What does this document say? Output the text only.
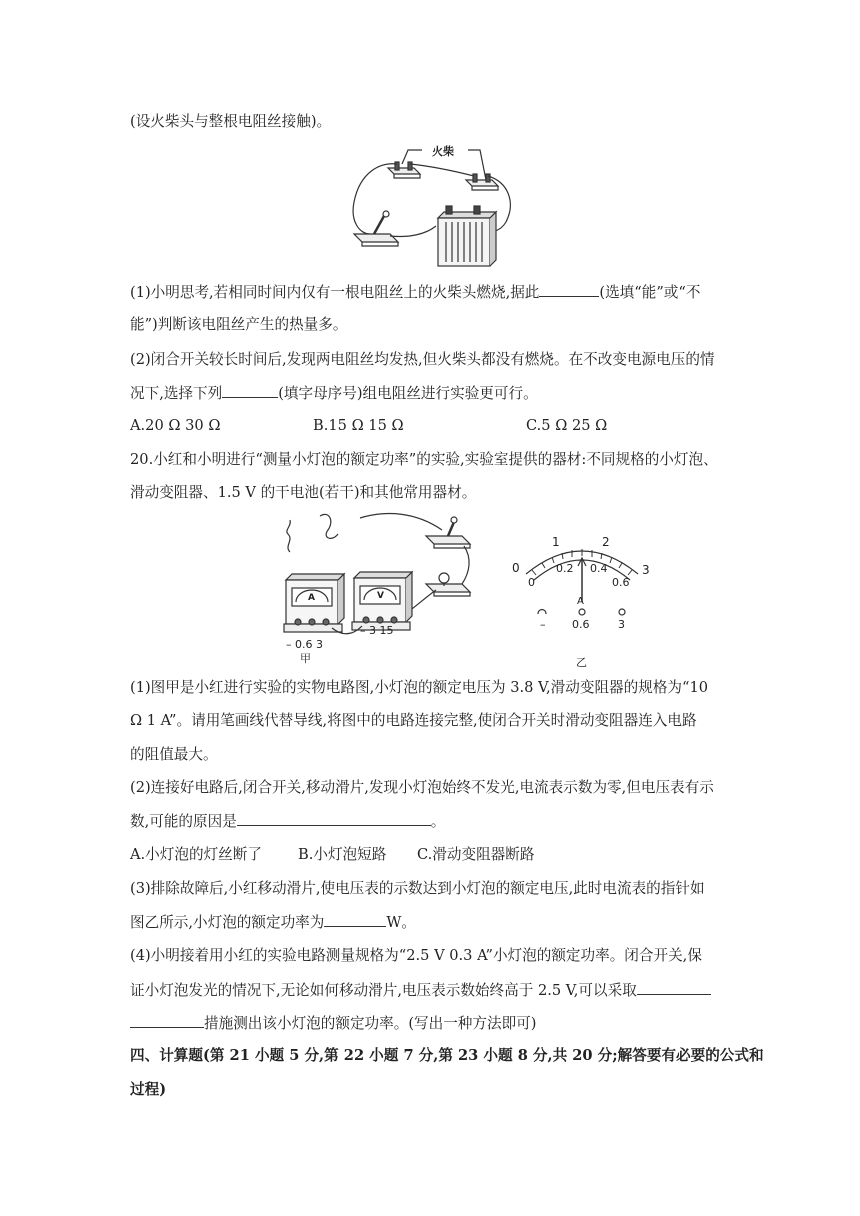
(设火柴头与整根电阻丝接触)。
火柴
(1)小明思考,若相同时间内仅有一根电阻丝上的火柴头燃烧,据此	(选填“能”或“不
能”)判断该电阻丝产生的热量多。
(2)闭合开关较长时间后,发现两电阻丝均发热,但火柴头都没有燃烧。在不改变电源电压的情
况下,选择下列	(填字母序号)组电阻丝进行实验更可行。
A.20 Ω 30 Ω	B.15 Ω 15 Ω	C.5 Ω 25 Ω
20.小红和小明进行“测量小灯泡的额定功率”的实验,实验室提供的器材:不同规格的小灯泡、
滑动变阻器、1.5 V 的干电池(若干)和其他常用器材。
A	V
– 0.6 3
– 3 15
甲
0
1	2
3
0
0.2 0.4
0.6
A
– 0.6	3
乙
(1)图甲是小红进行实验的实物电路图,小灯泡的额定电压为 3.8 V,滑动变阻器的规格为“10
Ω 1 A”。请用笔画线代替导线,将图中的电路连接完整,使闭合开关时滑动变阻器连入电路
的阻值最大。
(2)连接好电路后,闭合开关,移动滑片,发现小灯泡始终不发光,电流表示数为零,但电压表有示
数,可能的原因是	。
A.小灯泡的灯丝断了 B.小灯泡短路 C.滑动变阻器断路
(3)排除故障后,小红移动滑片,使电压表的示数达到小灯泡的额定电压,此时电流表的指针如
图乙所示,小灯泡的额定功率为	W。
(4)小明接着用小红的实验电路测量规格为“2.5 V 0.3 A”小灯泡的额定功率。闭合开关,保
证小灯泡发光的情况下,无论如何移动滑片,电压表示数始终高于 2.5 V,可以采取
措施测出该小灯泡的额定功率。(写出一种方法即可)
四、计算题(第 21 小题 5 分,第 22 小题 7 分,第 23 小题 8 分,共 20 分;解答要有必要的公式和
过程)
